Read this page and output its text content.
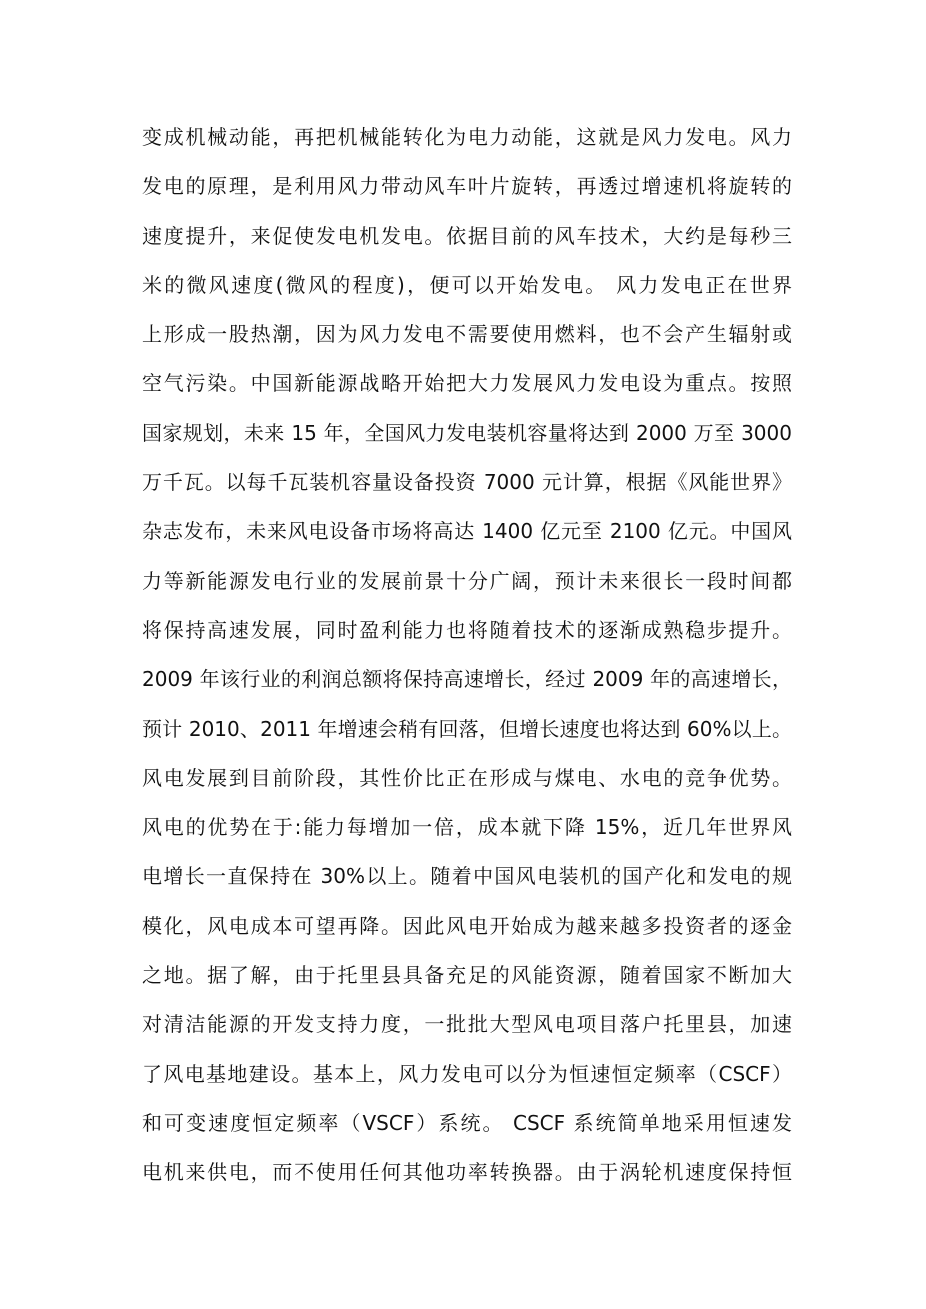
变成机械动能，再把机械能转化为电力动能，这就是风力发电。风力
发电的原理，是利用风力带动风车叶片旋转，再透过增速机将旋转的
速度提升，来促使发电机发电。依据目前的风车技术，大约是每秒三
米的微风速度(微风的程度)，便可以开始发电。 风力发电正在世界
上形成一股热潮，因为风力发电不需要使用燃料，也不会产生辐射或
空气污染。中国新能源战略开始把大力发展风力发电设为重点。按照
国家规划，未来 15 年，全国风力发电装机容量将达到 2000 万至 3000
万千瓦。以每千瓦装机容量设备投资 7000 元计算，根据《风能世界》
杂志发布，未来风电设备市场将高达 1400 亿元至 2100 亿元。中国风
力等新能源发电行业的发展前景十分广阔，预计未来很长一段时间都
将保持高速发展，同时盈利能力也将随着技术的逐渐成熟稳步提升。
2009 年该行业的利润总额将保持高速增长，经过 2009 年的高速增长，
预计 2010、2011 年增速会稍有回落，但增长速度也将达到 60%以上。
风电发展到目前阶段，其性价比正在形成与煤电、水电的竞争优势。
风电的优势在于:能力每增加一倍，成本就下降 15%，近几年世界风
电增长一直保持在 30%以上。随着中国风电装机的国产化和发电的规
模化，风电成本可望再降。因此风电开始成为越来越多投资者的逐金
之地。据了解，由于托里县具备充足的风能资源，随着国家不断加大
对清洁能源的开发支持力度，一批批大型风电项目落户托里县，加速
了风电基地建设。基本上，风力发电可以分为恒速恒定频率（CSCF）
和可变速度恒定频率（VSCF）系统。 CSCF 系统简单地采用恒速发
电机来供电，而不使用任何其他功率转换器。由于涡轮机速度保持恒
